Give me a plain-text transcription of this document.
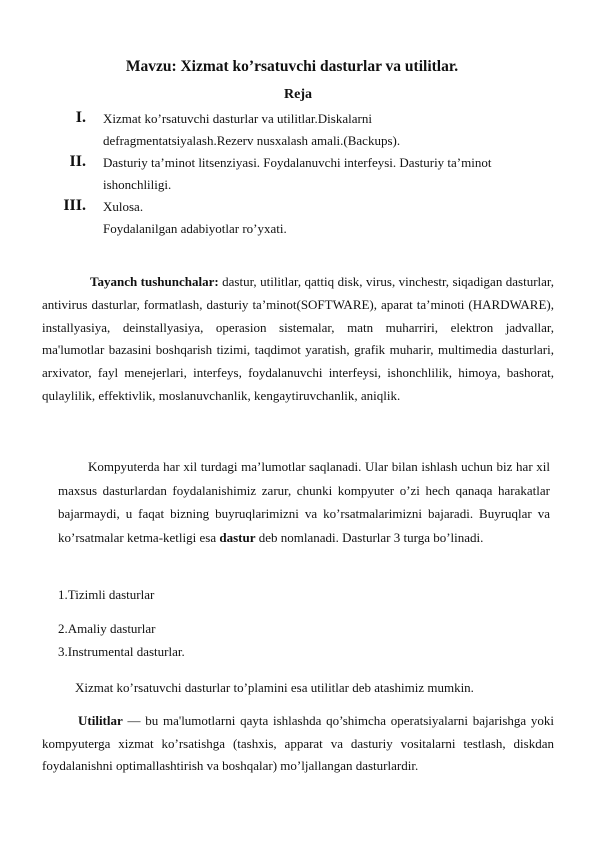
Mavzu: Xizmat ko’rsatuvchi dasturlar va utilitlar.
Reja
I. Xizmat ko’rsatuvchi dasturlar va utilitlar.Diskalarni defragmentatsiyalash.Rezerv nusxalash amali.(Backups).
II. Dasturiy ta’minot litsenziyasi. Foydalanuvchi interfeysi. Dasturiy ta’minot ishonchliligi.
III. Xulosa.
Foydalanilgan adabiyotlar ro’yxati.
Tayanch tushunchalar: dastur, utilitlar, qattiq disk, virus, vinchestr, siqadigan dasturlar, antivirus dasturlar, formatlash, dasturiy ta’minot(SOFTWARE), aparat ta’minoti (HARDWARE), installyasiya, deinstallyasiya, operasion sistemalar, matn muharriri, elektron jadvallar, ma'lumotlar bazasini boshqarish tizimi, taqdimot yaratish, grafik muharir, multimedia dasturlari, arxivator, fayl menejerlari, interfeys, foydalanuvchi interfeysi, ishonchlilik, himoya, bashorat, qulaylilik, effektivlik, moslanuvchanlik, kengaytiruvchanlik, aniqlik.
Kompyuterda har xil turdagi ma’lumotlar saqlanadi. Ular bilan ishlash uchun biz har xil maxsus dasturlardan foydalanishimiz zarur, chunki kompyuter o’zi hech qanaqa harakatlar bajarmaydi, u faqat bizning buyruqlarimizni va ko’rsatmalarimizni bajaradi. Buyruqlar va ko’rsatmalar ketma-ketligi esa dastur deb nomlanadi. Dasturlar 3 turga bo’linadi.
1.Tizimli dasturlar
2.Amaliy dasturlar
3.Instrumental dasturlar.
Xizmat ko’rsatuvchi dasturlar to’plamini esa utilitlar deb atashimiz mumkin.
Utilitlar — bu ma'lumotlarni qayta ishlashda qo’shimcha operatsiyalarni bajarishga yoki kompyuterga xizmat ko’rsatishga (tashxis, apparat va dasturiy vositalarni testlash, diskdan foydalanishni optimallashtirish va boshqalar) mo’ljallangan dasturlardir.
